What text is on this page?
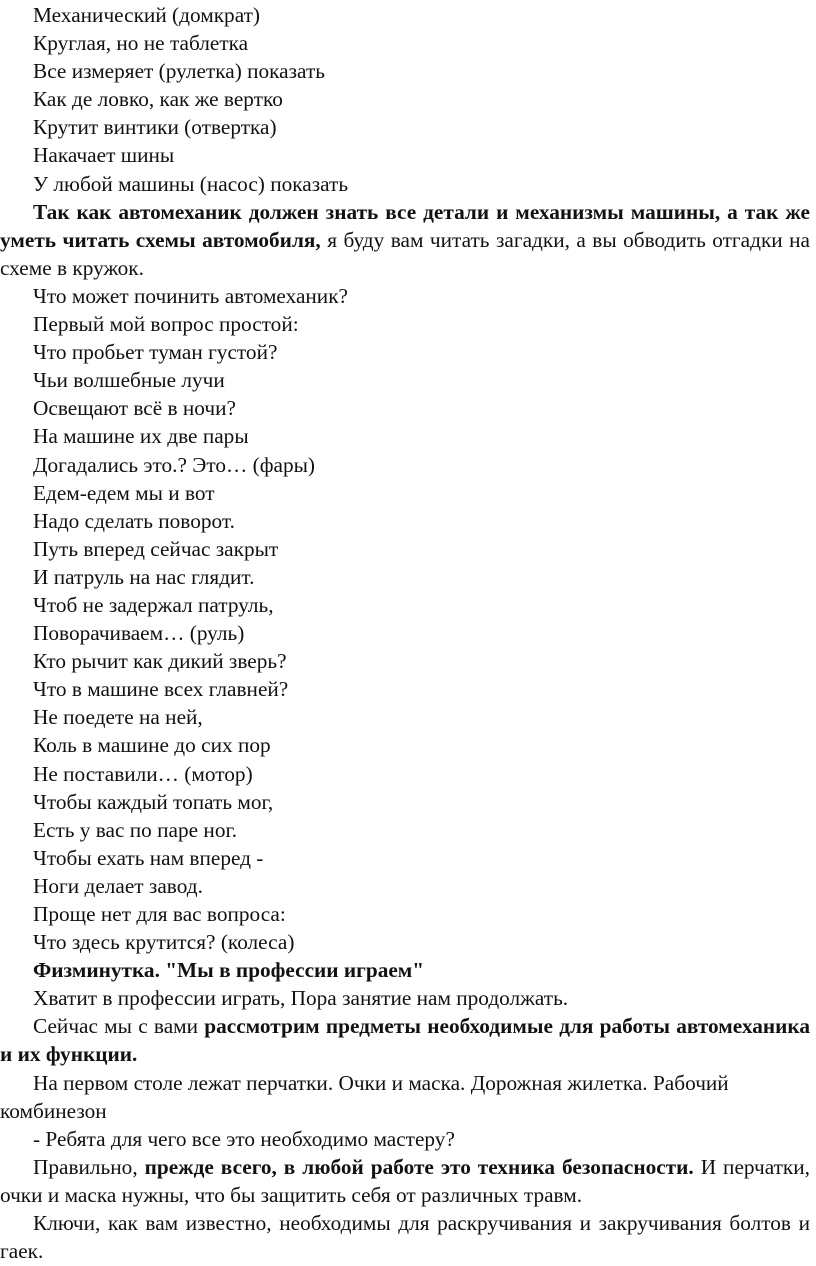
Механический (домкрат)
Круглая, но не таблетка
Все измеряет (рулетка) показать
Как де ловко, как же вертко
Крутит винтики (отвертка)
Накачает шины
У любой машины (насос) показать

Так как автомеханик должен знать все детали и механизмы машины, а так же уметь читать схемы автомобиля, я буду вам читать загадки, а вы обводить отгадки на схеме в кружок.

Что может починить автомеханик?
Первый мой вопрос простой:
Что пробьет туман густой?
Чьи волшебные лучи
Освещают всё в ночи?
На машине их две пары
Догадались это.? Это… (фары)
Едем-едем мы и вот
Надо сделать поворот.
Путь вперед сейчас закрыт
И патруль на нас глядит.
Чтоб не задержал патруль,
Поворачиваем… (руль)
Кто рычит как дикий зверь?
Что в машине всех главней?
Не поедете на ней,
Коль в машине до сих пор
Не поставили… (мотор)
Чтобы каждый топать мог,
Есть у вас по паре ног.
Чтобы ехать нам вперед -
Ноги делает завод.
Проще нет для вас вопроса:
Что здесь крутится? (колеса)
Физминутка. "Мы в профессии играем"

Хватит в профессии играть, Пора занятие нам продолжать.

Сейчас мы с вами рассмотрим предметы необходимые для работы автомеханика и их функции.

На первом столе лежат перчатки. Очки и маска. Дорожная жилетка. Рабочий комбинезон

- Ребята для чего все это необходимо мастеру?

Правильно, прежде всего, в любой работе это техника безопасности. И перчатки, очки и маска нужны, что бы защитить себя от различных травм.

Ключи, как вам известно, необходимы для раскручивания и закручивания болтов и гаек.
